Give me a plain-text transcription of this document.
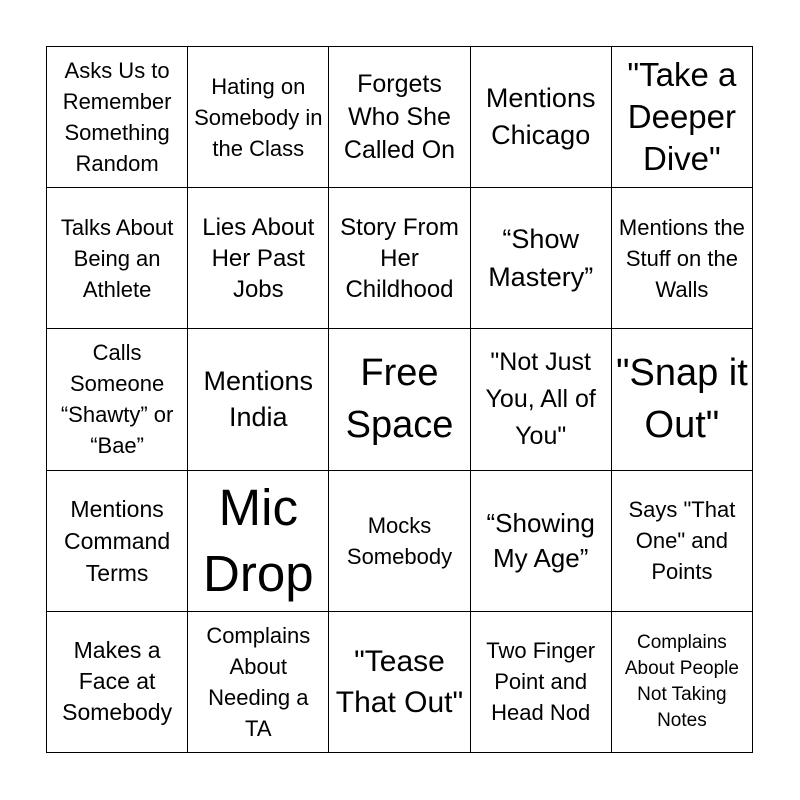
Asks Us to Remember Something Random
Hating on Somebody in the Class
Forgets Who She Called On
Mentions Chicago
"Take a Deeper Dive"
Talks About Being an Athlete
Lies About Her Past Jobs
Story From Her Childhood
“Show Mastery”
Mentions the Stuff on the Walls
Calls Someone “Shawty” or “Bae”
Mentions India
Free Space
"Not Just You, All of You"
"Snap it Out"
Mentions Command Terms
Mic Drop
Mocks Somebody
“Showing My Age”
Says "That One" and Points
Makes a Face at Somebody
Complains About Needing a TA
"Tease That Out"
Two Finger Point and Head Nod
Complains About People Not Taking Notes
